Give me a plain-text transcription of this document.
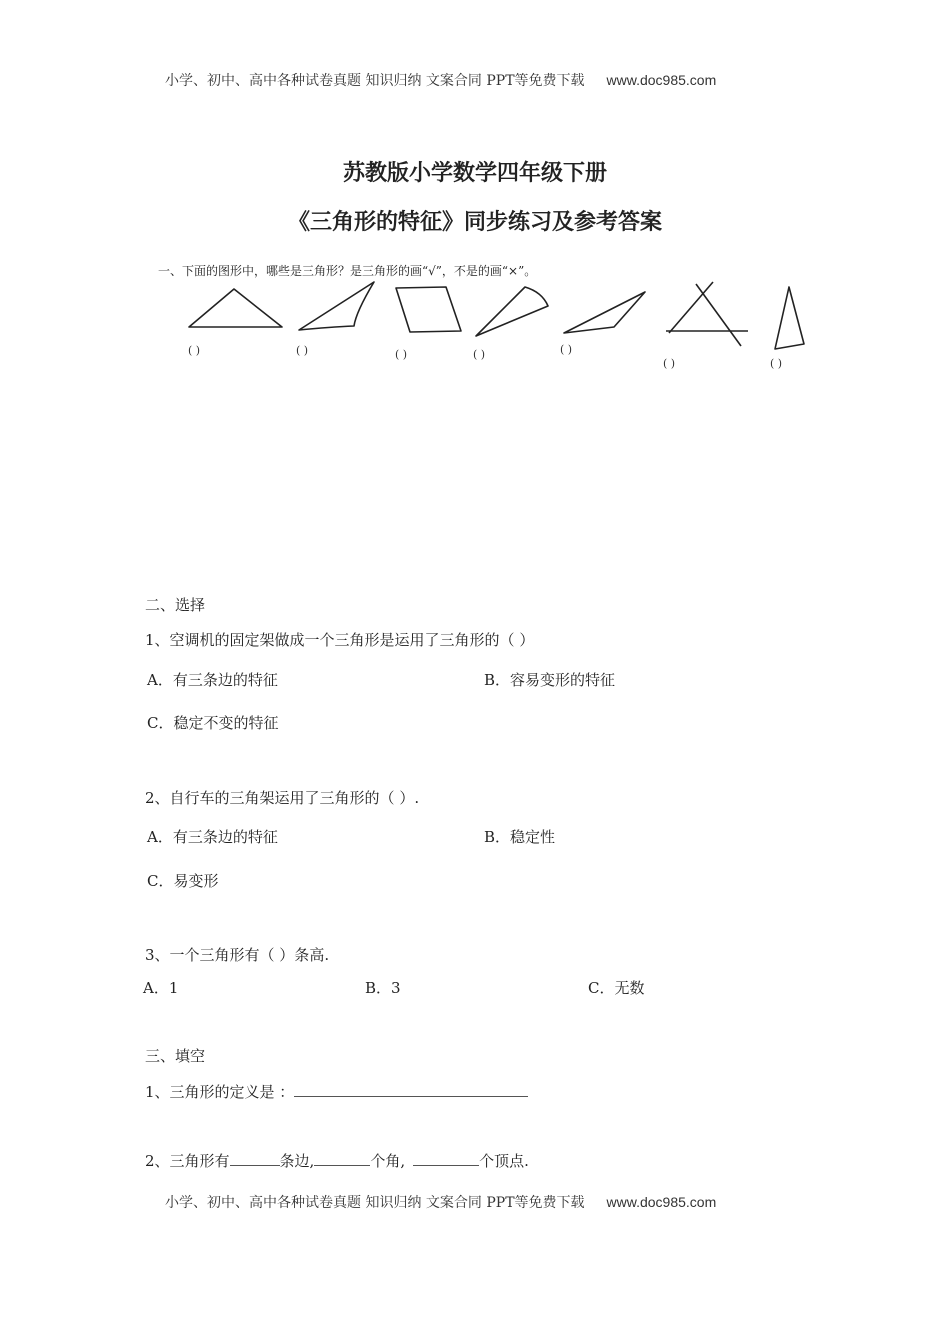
小学、初中、高中各种试卷真题 知识归纳 文案合同 PPT等免费下载 www.doc985.com
苏教版小学数学四年级下册
《三角形的特征》同步练习及参考答案
一、下面的图形中，哪些是三角形？是三角形的画“√”，不是的画“×”。
( )	( )	( )	( )	( )
( )	( )
二、选择
1、空调机的固定架做成一个三角形是运用了三角形的（ ）
A．有三条边的特征	B．容易变形的特征
C．稳定不变的特征
2、自行车的三角架运用了三角形的（ ）.
A．有三条边的特征	B．稳定性
C．易变形
3、一个三角形有（ ）条高.
A．1	B．3	C．无数
三、填空
1、三角形的定义是 ：
2、三角形有	条边,	个角,	个顶点.
小学、初中、高中各种试卷真题 知识归纳 文案合同 PPT等免费下载 www.doc985.com
